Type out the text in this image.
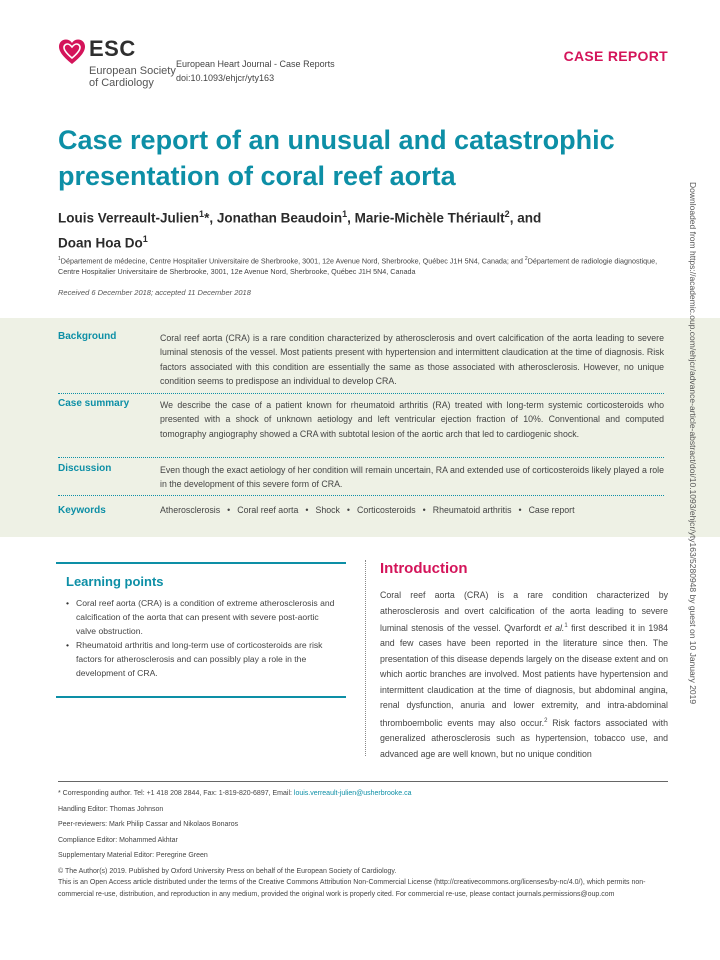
ESC
European Society
of Cardiology
European Heart Journal - Case Reports
doi:10.1093/ehjcr/yty163
CASE REPORT
Case report of an unusual and catastrophic presentation of coral reef aorta
Louis Verreault-Julien$^1$*, Jonathan Beaudoin$^1$, Marie-Michèle Thériault$^2$, and
Doan Hoa Do$^1$
$^1$Département de médecine, Centre Hospitalier Universitaire de Sherbrooke, 3001, 12e Avenue Nord, Sherbrooke, Québec J1H 5N4, Canada; and $^2$Département de radiologie diagnostique, Centre Hospitalier Universitaire de Sherbrooke, 3001, 12e Avenue Nord, Sherbrooke, Québec J1H 5N4, Canada
Received 6 December 2018; accepted 11 December 2018
Background	Coral reef aorta (CRA) is a rare condition characterized by atherosclerosis and overt calcification of the aorta leading to severe luminal stenosis of the vessel. Most patients present with hypertension and intermittent claudication at the time of diagnosis. Risk factors associated with this condition are essentially the same as those associated with atherosclerosis. However, no unique condition seems to predispose an individual to develop CRA.
Case summary	We describe the case of a patient known for rheumatoid arthritis (RA) treated with long-term systemic corticosteroids who presented with a shock of unknown aetiology and left ventricular ejection fraction of 10%. Conventional and computed tomography angiography showed a CRA with subtotal lesion of the aortic arch that led to cardiogenic shock.
Discussion	Even though the exact aetiology of her condition will remain uncertain, RA and extended use of corticosteroids likely played a role in the development of this severe form of CRA.
Keywords	Atherosclerosis • Coral reef aorta • Shock • Corticosteroids • Rheumatoid arthritis • Case report
Learning points
• Coral reef aorta (CRA) is a condition of extreme atherosclerosis and calcification of the aorta that can present with severe post-aortic valve obstruction.
• Rheumatoid arthritis and long-term use of corticosteroids are risk factors for atherosclerosis and can possibly play a role in the development of CRA.
Introduction

Coral reef aorta (CRA) is a rare condition characterized by atherosclerosis and overt calcification of the aorta leading to severe luminal stenosis of the vessel. Qvarfordt et al.$^1$ first described it in 1984 and few cases have been reported in the literature since then. The presentation of this disease depends largely on the disease extent and on which aortic branches are involved. Most patients have hypertension and intermittent claudication at the time of diagnosis, but abdominal angina, renal dysfunction, anuria and lower extremity, and intra-abdominal thromboembolic events may also occur.$^2$ Risk factors associated with generalized atherosclerosis such as hypertension, tobacco use, and advanced age are well known, but no unique condition

* Corresponding author. Tel: +1 418 208 2844, Fax: 1-819-820-6897, Email: louis.verreault-julien@usherbrooke.ca

Handling Editor: Thomas Johnson

Peer-reviewers: Mark Philip Cassar and Nikolaos Bonaros

Compliance Editor: Mohammed Akhtar

Supplementary Material Editor: Peregrine Green

© The Author(s) 2019. Published by Oxford University Press on behalf of the European Society of Cardiology.

This is an Open Access article distributed under the terms of the Creative Commons Attribution Non-Commercial License (http://creativecommons.org/licenses/by-nc/4.0/), which permits non-commercial re-use, distribution, and reproduction in any medium, provided the original work is properly cited. For commercial re-use, please contact journals.permissions@oup.com

Downloaded from https://academic.oup.com/ehjcr/advance-article-abstract/doi/10.1093/ehjcr/yty163/5280948 by guest on 10 January 2019
